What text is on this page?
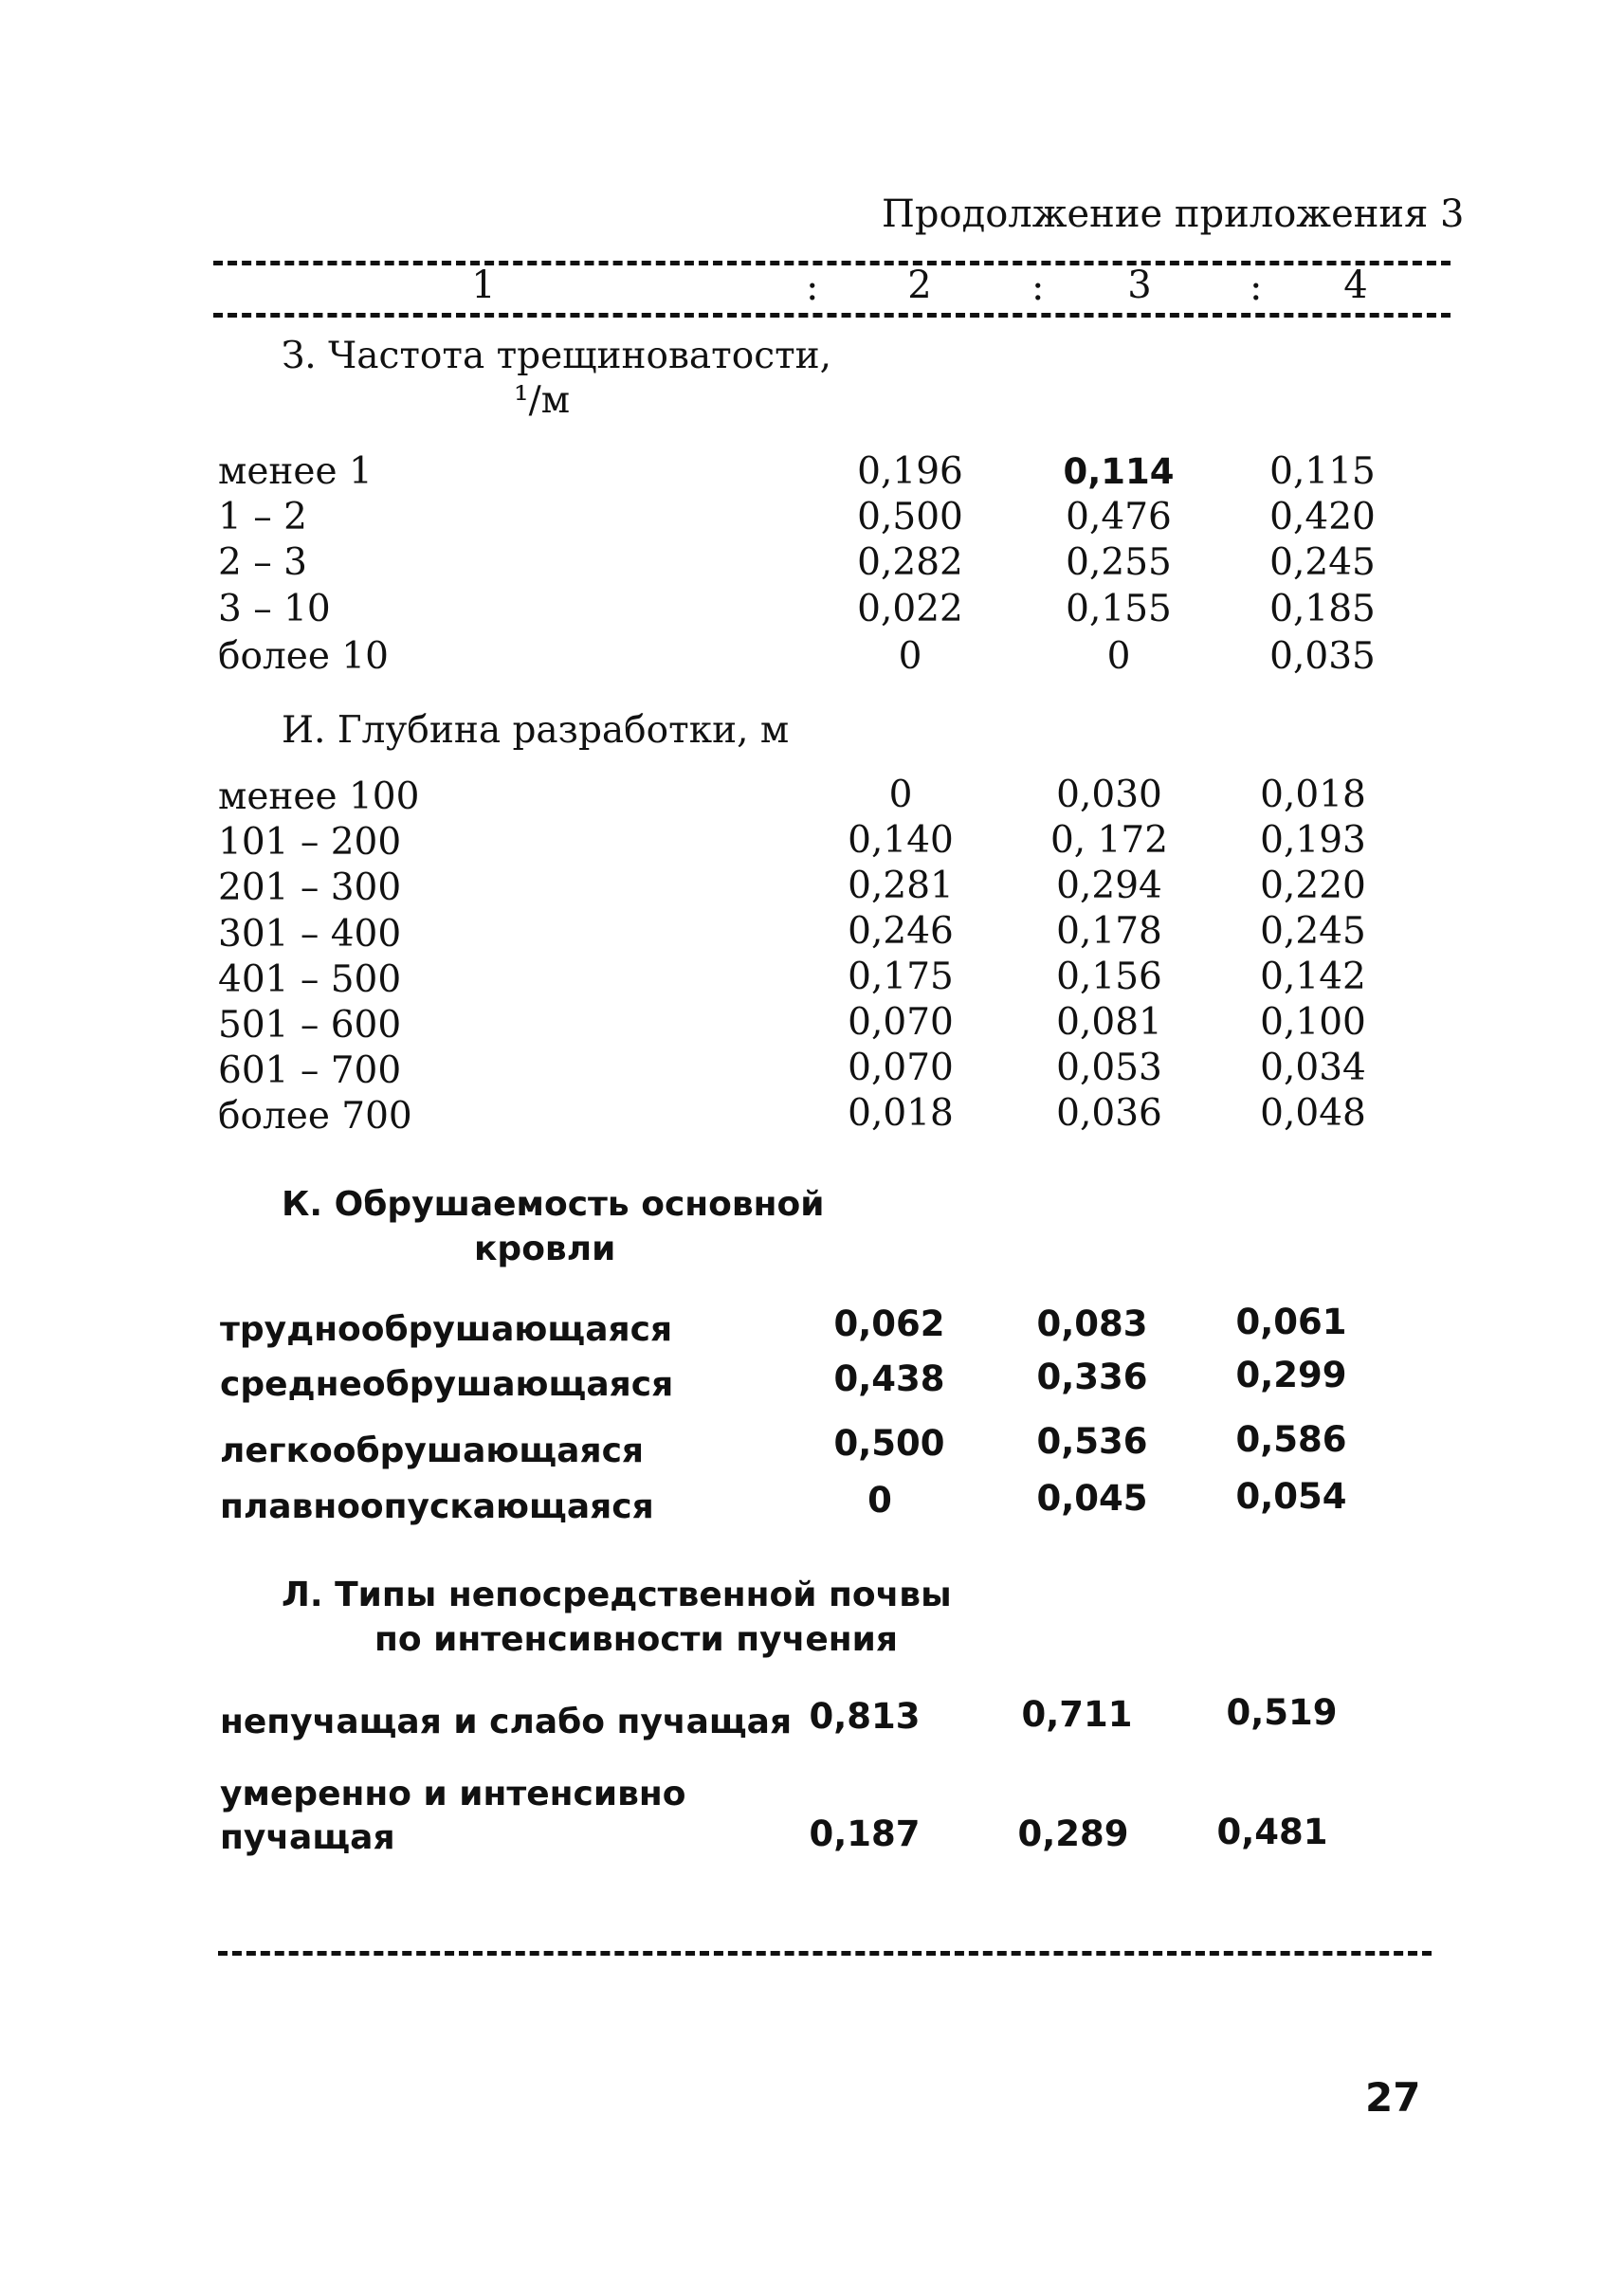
Продолжение приложения 3
1	:	2	:	3	:	4
З. Частота трещиноватости,
¹/м
менее 1	0,196	0,114	0,115
1 – 2	0,500	0,476	0,420
2 – 3	0,282	0,255	0,245
3 – 10	0,022	0,155	0,185
более 10	0	0	0,035
И. Глубина разработки, м
менее 100	0	0,030	0,018
101 – 200	0,140	0, 172	0,193
201 – 300	0,281	0,294	0,220
301 – 400	0,246	0,178	0,245
401 – 500	0,175	0,156	0,142
501 – 600	0,070	0,081	0,100
601 – 700	0,070	0,053	0,034
более 700	0,018	0,036	0,048
К. Обрушаемость основной
кровли
труднообрушающаяся	0,062	0,083	0,061
среднеобрушающаяся	0,438	0,336	0,299
легкообрушающаяся	0,500	0,536	0,586
плавноопускающаяся	0	0,045	0,054
Л. Типы непосредственной почвы
по интенсивности пучения
непучащая и слабо пучащая 0,813	0,711	0,519
умеренно и интенсивно
пучащая	0,187	0,289	0,481
27
